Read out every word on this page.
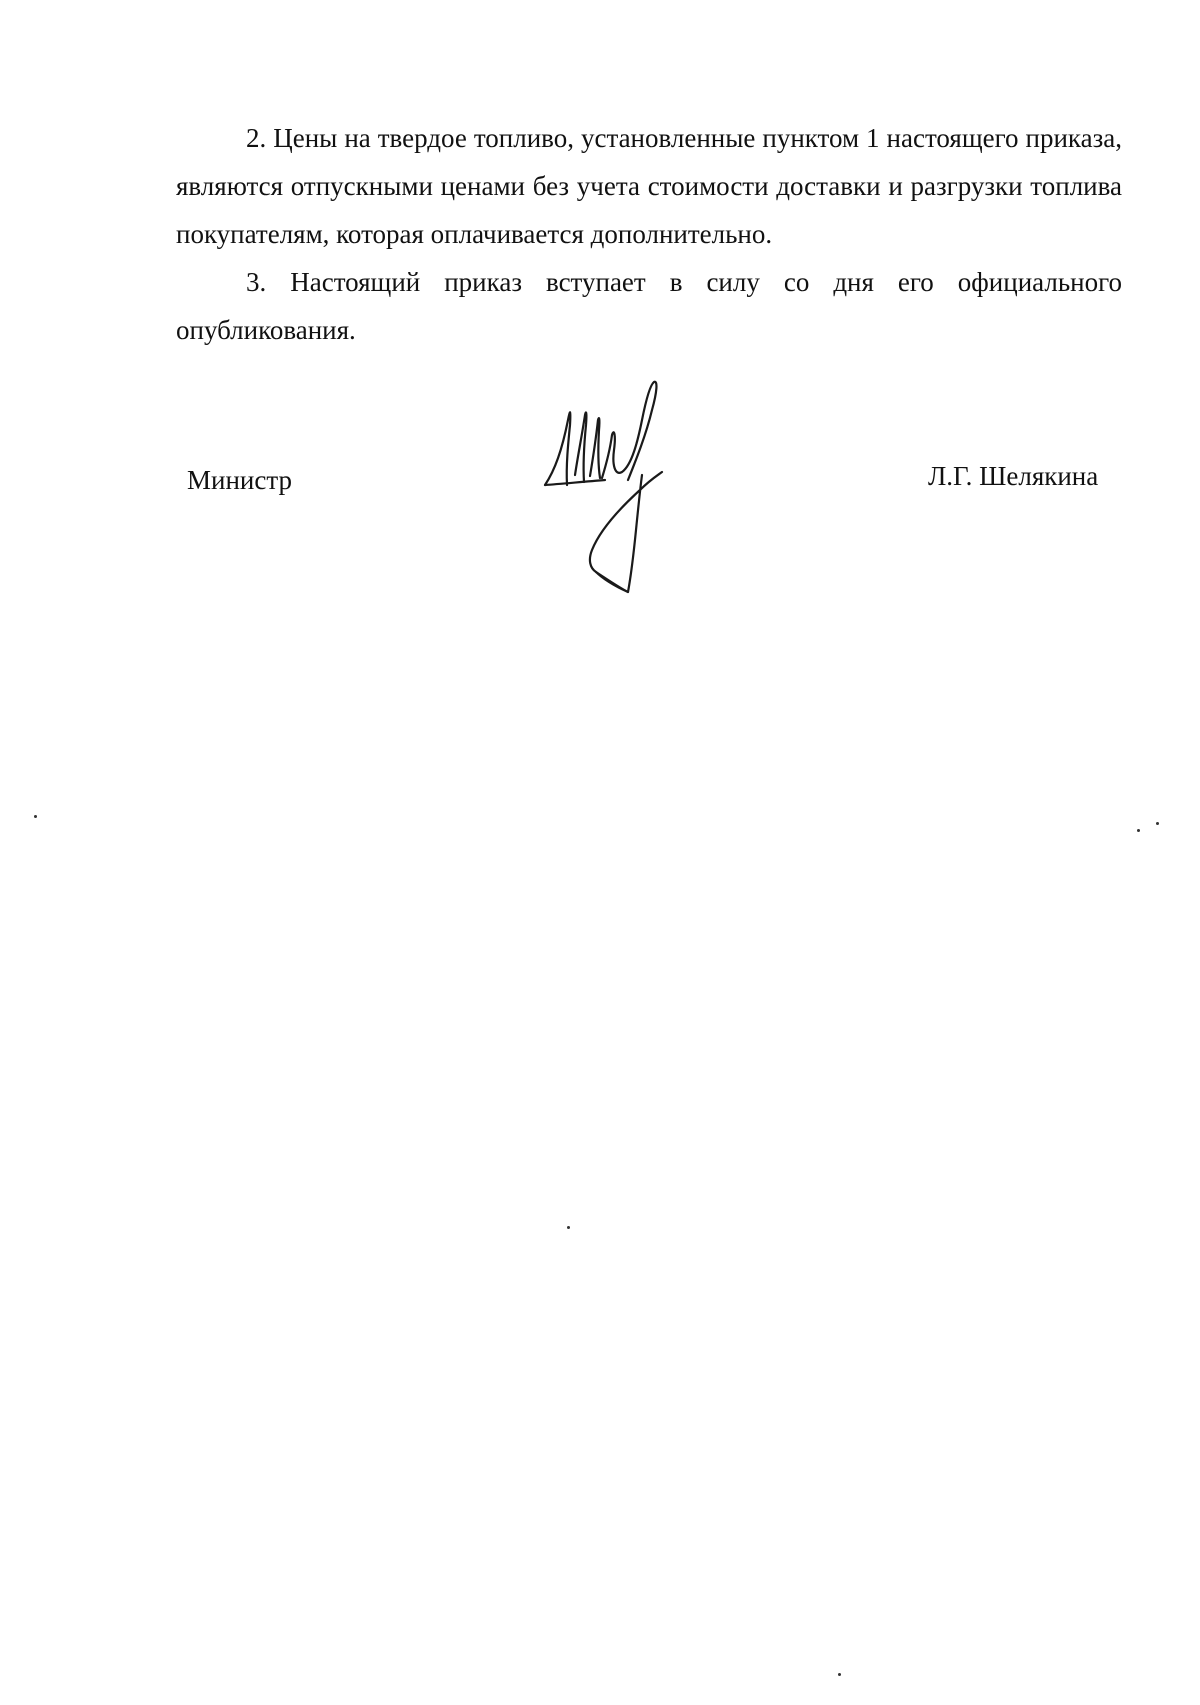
2. Цены на твердое топливо, установленные пунктом 1 настоящего приказа, являются отпускными ценами без учета стоимости доставки и разгрузки топлива покупателям, которая оплачивается дополнительно.

3. Настоящий приказ вступает в силу со дня его официального опубликования.

Министр	Л.Г. Шелякина
